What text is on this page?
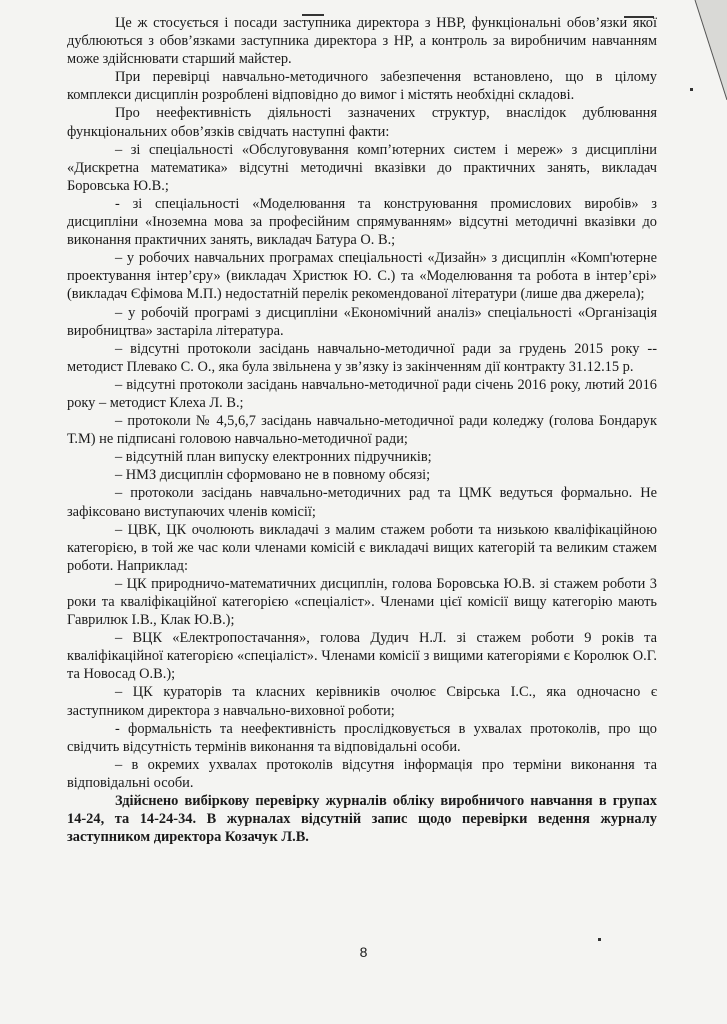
Це ж стосується і посади заступника директора з НВР, функціональні обов’язки якої дублюються з обов’язками заступника директора з НР, а контроль за виробничим навчанням може здійснювати старший майстер.

При перевірці навчально-методичного забезпечення встановлено, що в цілому комплекси дисциплін розроблені відповідно до вимог і містять необхідні складові.

Про неефективність діяльності зазначених структур, внаслідок дублювання функціональних обов’язків свідчать наступні факти:

– зі спеціальності «Обслуговування комп’ютерних систем і мереж» з дисципліни «Дискретна математика» відсутні методичні вказівки до практичних занять, викладач Боровська Ю.В.;

- зі спеціальності «Моделювання та конструювання промислових виробів» з дисципліни «Іноземна мова за професійним спрямуванням» відсутні методичні вказівки до виконання практичних занять, викладач Батура О. В.;

– у робочих навчальних програмах спеціальності «Дизайн» з дисциплін «Комп'ютерне проектування інтер’єру» (викладач Христюк Ю. С.) та «Моделювання та робота в інтер’єрі» (викладач Єфімова М.П.) недостатній перелік рекомендованої літератури (лише два джерела);

– у робочій програмі з дисципліни «Економічний аналіз» спеціальності «Організація виробництва» застаріла література.

– відсутні протоколи засідань навчально-методичної ради за грудень 2015 року -- методист Плевако С. О., яка була звільнена у зв’язку із закінченням дії контракту 31.12.15 р.

– відсутні протоколи засідань навчально-методичної ради січень 2016 року, лютий 2016 року – методист Клеха Л. В.;

– протоколи № 4,5,6,7 засідань навчально-методичної ради коледжу (голова Бондарук Т.М) не підписані головою навчально-методичної ради;

– відсутній план випуску електронних підручників;

– НМЗ дисциплін сформовано не в повному обсязі;

– протоколи засідань навчально-методичних рад та ЦМК ведуться формально. Не зафіксовано виступаючих членів комісії;

– ЦВК, ЦК очолюють викладачі з малим стажем роботи та низькою кваліфікаційною категорією, в той же час коли членами комісій є викладачі вищих категорій та великим стажем роботи. Наприклад:

– ЦК природничо-математичних дисциплін, голова Боровська Ю.В. зі стажем роботи 3 роки та кваліфікаційної категорією «спеціаліст». Членами цієї комісії вищу категорію мають Гаврилюк І.В., Клак Ю.В.);

– ВЦК «Електропостачання», голова Дудич Н.Л. зі стажем роботи 9 років та кваліфікаційної категорією «спеціаліст». Членами комісії з вищими категоріями є Королюк О.Г. та Новосад О.В.);

– ЦК кураторів та класних керівників очолює Свірська І.С., яка одночасно є заступником директора з навчально-виховної роботи;

- формальність та неефективність прослідковується в ухвалах протоколів, про що свідчить відсутність термінів виконання та відповідальні особи.

– в окремих ухвалах протоколів відсутня інформація про терміни виконання та відповідальні особи.

Здійснено вибіркову перевірку журналів обліку виробничого навчання в групах 14-24, та 14-24-34. В журналах відсутній запис щодо перевірки ведення журналу заступником директора Козачук Л.В.

8
